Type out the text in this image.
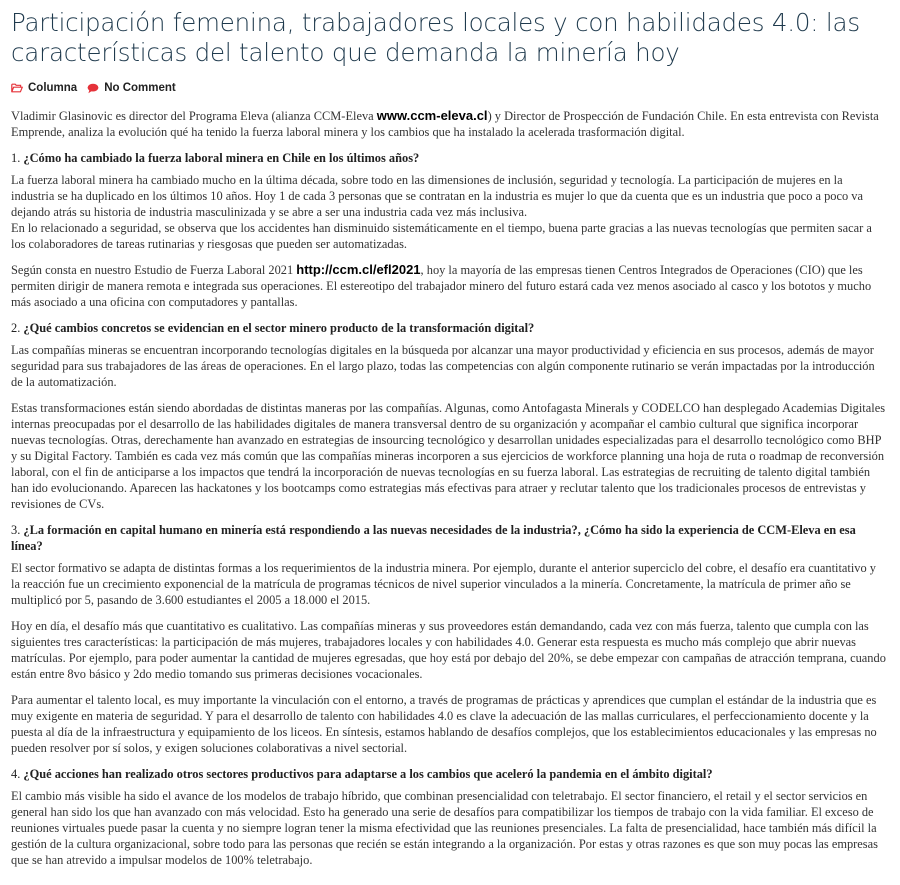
Participación femenina, trabajadores locales y con habilidades 4.0: las características del talento que demanda la minería hoy
Columna No Comment

Vladimir Glasinovic es director del Programa Eleva (alianza CCM-Eleva www.ccm-eleva.cl) y Director de Prospección de Fundación Chile. En esta entrevista con Revista Emprende, analiza la evolución qué ha tenido la fuerza laboral minera y los cambios que ha instalado la acelerada trasformación digital.

1. ¿Cómo ha cambiado la fuerza laboral minera en Chile en los últimos años?

La fuerza laboral minera ha cambiado mucho en la última década, sobre todo en las dimensiones de inclusión, seguridad y tecnología. La participación de mujeres en la industria se ha duplicado en los últimos 10 años. Hoy 1 de cada 3 personas que se contratan en la industria es mujer lo que da cuenta que es un industria que poco a poco va dejando atrás su historia de industria masculinizada y se abre a ser una industria cada vez más inclusiva.

En lo relacionado a seguridad, se observa que los accidentes han disminuido sistemáticamente en el tiempo, buena parte gracias a las nuevas tecnologías que permiten sacar a los colaboradores de tareas rutinarias y riesgosas que pueden ser automatizadas.

Según consta en nuestro Estudio de Fuerza Laboral 2021 http://ccm.cl/efl2021, hoy la mayoría de las empresas tienen Centros Integrados de Operaciones (CIO) que les permiten dirigir de manera remota e integrada sus operaciones. El estereotipo del trabajador minero del futuro estará cada vez menos asociado al casco y los bototos y mucho más asociado a una oficina con computadores y pantallas.

2. ¿Qué cambios concretos se evidencian en el sector minero producto de la transformación digital?

Las compañías mineras se encuentran incorporando tecnologías digitales en la búsqueda por alcanzar una mayor productividad y eficiencia en sus procesos, además de mayor seguridad para sus trabajadores de las áreas de operaciones. En el largo plazo, todas las competencias con algún componente rutinario se verán impactadas por la introducción de la automatización.

Estas transformaciones están siendo abordadas de distintas maneras por las compañías. Algunas, como Antofagasta Minerals y CODELCO han desplegado Academias Digitales internas preocupadas por el desarrollo de las habilidades digitales de manera transversal dentro de su organización y acompañar el cambio cultural que significa incorporar nuevas tecnologías. Otras, derechamente han avanzado en estrategias de insourcing tecnológico y desarrollan unidades especializadas para el desarrollo tecnológico como BHP y su Digital Factory. También es cada vez más común que las compañías mineras incorporen a sus ejercicios de workforce planning una hoja de ruta o roadmap de reconversión laboral, con el fin de anticiparse a los impactos que tendrá la incorporación de nuevas tecnologías en su fuerza laboral. Las estrategias de recruiting de talento digital también han ido evolucionando. Aparecen las hackatones y los bootcamps como estrategias más efectivas para atraer y reclutar talento que los tradicionales procesos de entrevistas y revisiones de CVs.

3. ¿La formación en capital humano en minería está respondiendo a las nuevas necesidades de la industria?, ¿Cómo ha sido la experiencia de CCM-Eleva en esa línea?

El sector formativo se adapta de distintas formas a los requerimientos de la industria minera. Por ejemplo, durante el anterior superciclo del cobre, el desafío era cuantitativo y la reacción fue un crecimiento exponencial de la matrícula de programas técnicos de nivel superior vinculados a la minería. Concretamente, la matrícula de primer año se multiplicó por 5, pasando de 3.600 estudiantes el 2005 a 18.000 el 2015.

Hoy en día, el desafío más que cuantitativo es cualitativo. Las compañías mineras y sus proveedores están demandando, cada vez con más fuerza, talento que cumpla con las siguientes tres características: la participación de más mujeres, trabajadores locales y con habilidades 4.0. Generar esta respuesta es mucho más complejo que abrir nuevas matrículas. Por ejemplo, para poder aumentar la cantidad de mujeres egresadas, que hoy está por debajo del 20%, se debe empezar con campañas de atracción temprana, cuando están entre 8vo básico y 2do medio tomando sus primeras decisiones vocacionales.

Para aumentar el talento local, es muy importante la vinculación con el entorno, a través de programas de prácticas y aprendices que cumplan el estándar de la industria que es muy exigente en materia de seguridad. Y para el desarrollo de talento con habilidades 4.0 es clave la adecuación de las mallas curriculares, el perfeccionamiento docente y la puesta al día de la infraestructura y equipamiento de los liceos. En síntesis, estamos hablando de desafíos complejos, que los establecimientos educacionales y las empresas no pueden resolver por sí solos, y exigen soluciones colaborativas a nivel sectorial.

4. ¿Qué acciones han realizado otros sectores productivos para adaptarse a los cambios que aceleró la pandemia en el ámbito digital?

El cambio más visible ha sido el avance de los modelos de trabajo híbrido, que combinan presencialidad con teletrabajo. El sector financiero, el retail y el sector servicios en general han sido los que han avanzado con más velocidad. Esto ha generado una serie de desafíos para compatibilizar los tiempos de trabajo con la vida familiar. El exceso de reuniones virtuales puede pasar la cuenta y no siempre logran tener la misma efectividad que las reuniones presenciales. La falta de presencialidad, hace también más difícil la gestión de la cultura organizacional, sobre todo para las personas que recién se están integrando a la organización. Por estas y otras razones es que son muy pocas las empresas que se han atrevido a impulsar modelos de 100% teletrabajo.
